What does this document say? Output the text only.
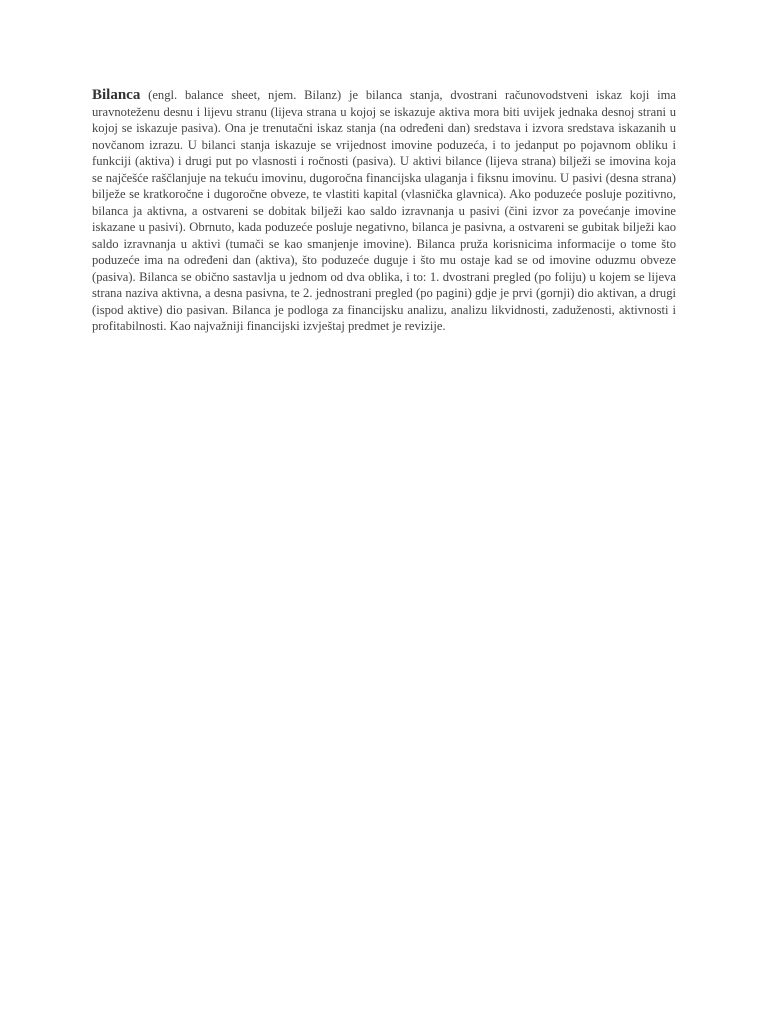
Bilanca (engl. balance sheet, njem. Bilanz) je bilanca stanja, dvostrani računovodstveni iskaz koji ima uravnoteženu desnu i lijevu stranu (lijeva strana u kojoj se iskazuje aktiva mora biti uvijek jednaka desnoj strani u kojoj se iskazuje pasiva). Ona je trenutačni iskaz stanja (na određeni dan) sredstava i izvora sredstava iskazanih u novčanom izrazu. U bilanci stanja iskazuje se vrijednost imovine poduzeća, i to jedanput po pojavnom obliku i funkciji (aktiva) i drugi put po vlasnosti i ročnosti (pasiva). U aktivi bilance (lijeva strana) bilježi se imovina koja se najčešće raščlanjuje na tekuću imovinu, dugoročna financijska ulaganja i fiksnu imovinu. U pasivi (desna strana) bilježe se kratkoročne i dugoročne obveze, te vlastiti kapital (vlasnička glavnica). Ako poduzeće posluje pozitivno, bilanca ja aktivna, a ostvareni se dobitak bilježi kao saldo izravnanja u pasivi (čini izvor za povećanje imovine iskazane u pasivi). Obrnuto, kada poduzeće posluje negativno, bilanca je pasivna, a ostvareni se gubitak bilježi kao saldo izravnanja u aktivi (tumači se kao smanjenje imovine). Bilanca pruža korisnicima informacije o tome što poduzeće ima na određeni dan (aktiva), što poduzeće duguje i što mu ostaje kad se od imovine oduzmu obveze (pasiva). Bilanca se obično sastavlja u jednom od dva oblika, i to: 1. dvostrani pregled (po foliju) u kojem se lijeva strana naziva aktivna, a desna pasivna, te 2. jednostrani pregled (po pagini) gdje je prvi (gornji) dio aktivan, a drugi (ispod aktive) dio pasivan. Bilanca je podloga za financijsku analizu, analizu likvidnosti, zaduženosti, aktivnosti i profitabilnosti. Kao najvažniji financijski izvještaj predmet je revizije.
